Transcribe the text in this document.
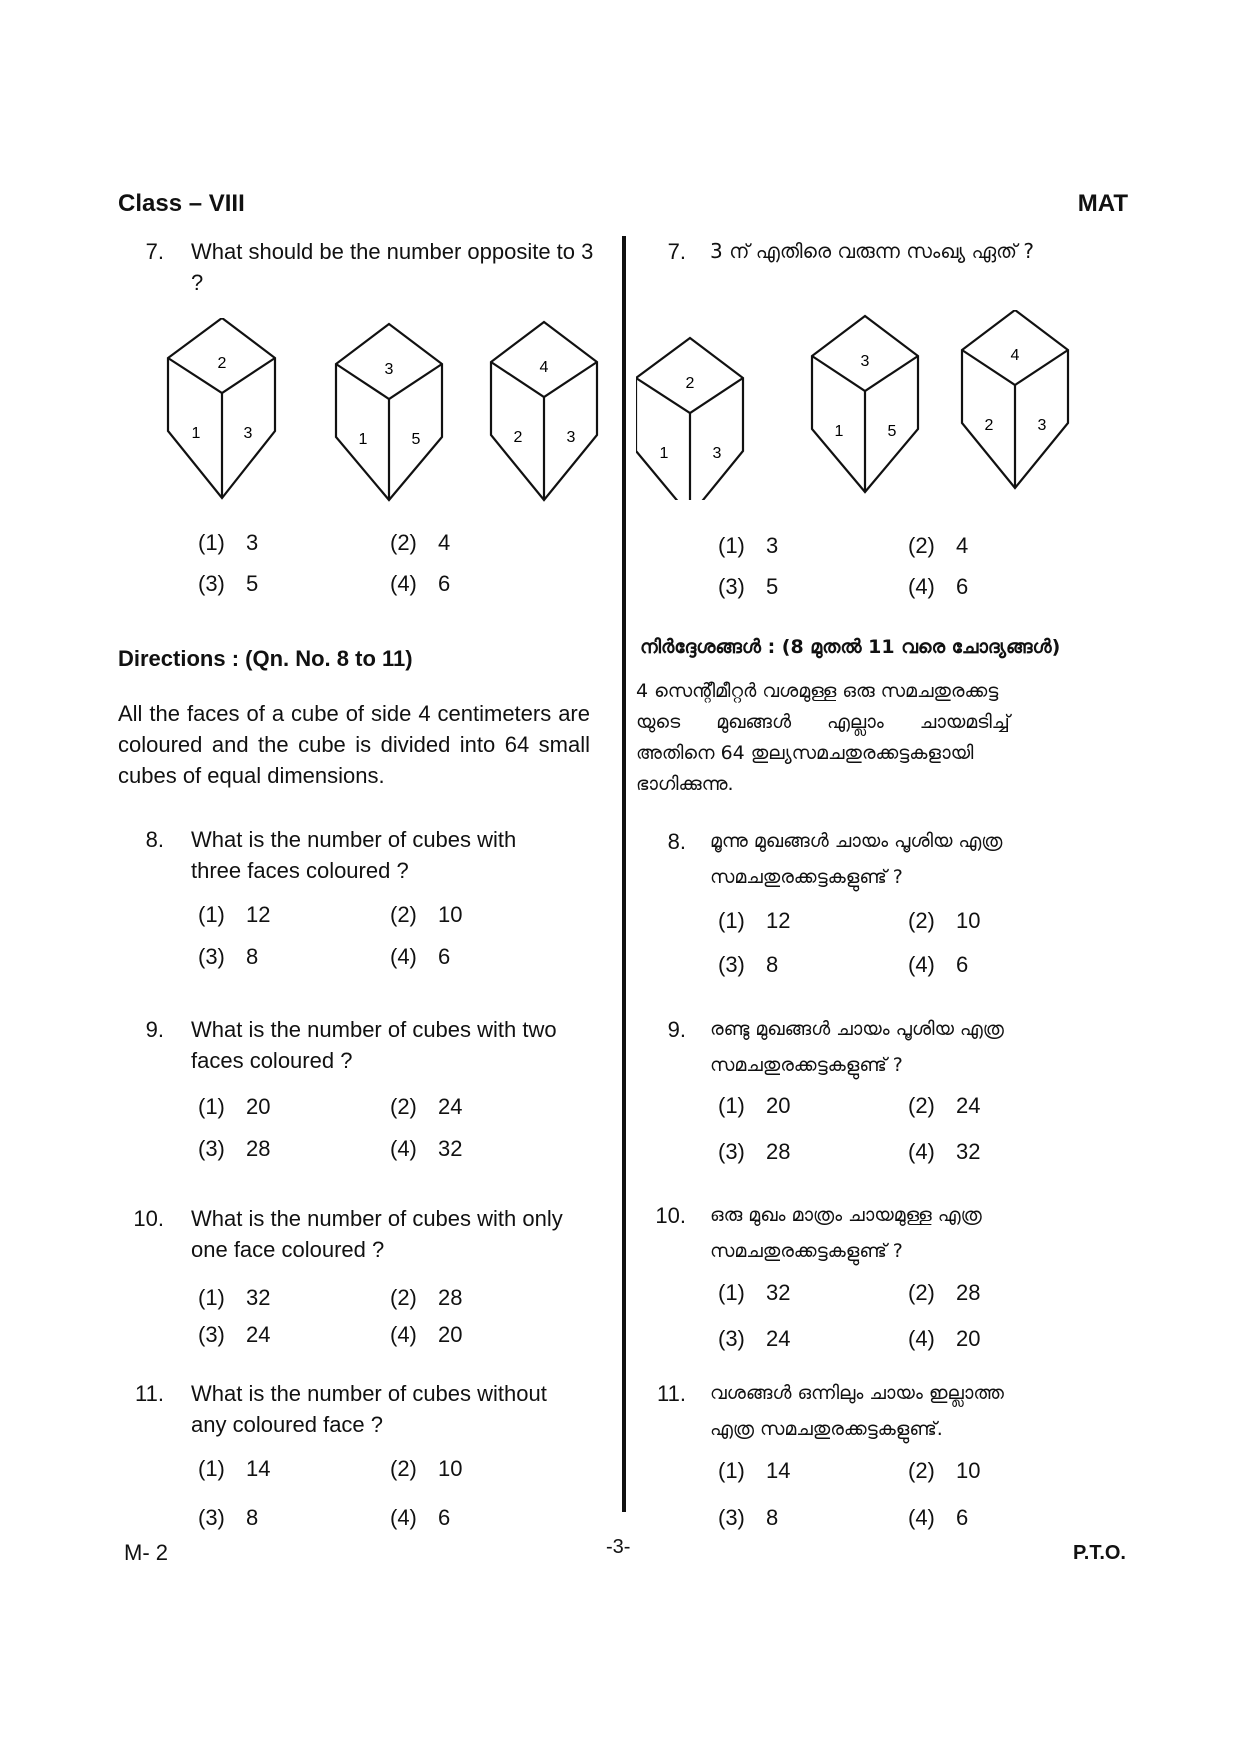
Class – VIII	MAT
7. What should be the number opposite to 3 ?
2
1	3
3
1	5
4
2	3
(1) 3	(2) 4
(3) 5	(4) 6
Directions : (Qn. No. 8 to 11)
All the faces of a cube of side 4 centimeters are coloured and the cube is divided into 64 small cubes of equal dimensions.
8. What is the number of cubes with
three faces coloured ?
(1) 12	(2) 10
(3) 8	(4) 6
9. What is the number of cubes with two
faces coloured ?
(1) 20	(2) 24
(3) 28	(4) 32
10. What is the number of cubes with only
one face coloured ?
(1) 32	(2) 28
(3) 24	(4) 20
11. What is the number of cubes without
any coloured face ?
(1) 14	(2) 10
(3) 8	(4) 6
7. 3 ന് എതിരെ വരുന്ന സംഖ്യ ഏത് ?
2
1	3
3
1	5
4
2	3
(1) 3	(2) 4
(3) 5	(4) 6
നിർദ്ദേശങ്ങൾ : (8 മുതൽ 11 വരെ ചോദ്യങ്ങൾ)
4 സെന്റീമീറ്റർ വശമുള്ള ഒരു സമചതുരക്കട്ട
യുടെ മുഖങ്ങൾ എല്ലാം ചായമടിച്ച്
അതിനെ 64 തുല്യസമചതുരക്കട്ടകളായി
ഭാഗിക്കുന്നു.
8. മൂന്നു മുഖങ്ങൾ ചായം പൂശിയ എത്ര
സമചതുരക്കട്ടകളുണ്ട് ?
(1) 12	(2) 10
(3) 8	(4) 6
9. രണ്ടു മുഖങ്ങൾ ചായം പൂശിയ എത്ര
സമചതുരക്കട്ടകളുണ്ട് ?
(1) 20	(2) 24
(3) 28	(4) 32
10. ഒരു മുഖം മാത്രം ചായമുള്ള എത്ര
സമചതുരക്കട്ടകളുണ്ട് ?
(1) 32	(2) 28
(3) 24	(4) 20
11. വശങ്ങൾ ഒന്നിലും ചായം ഇല്ലാത്ത
എത്ര സമചതുരക്കട്ടകളുണ്ട്.
(1) 14	(2) 10
(3) 8	(4) 6
M- 2	-3-	P.T.O.
